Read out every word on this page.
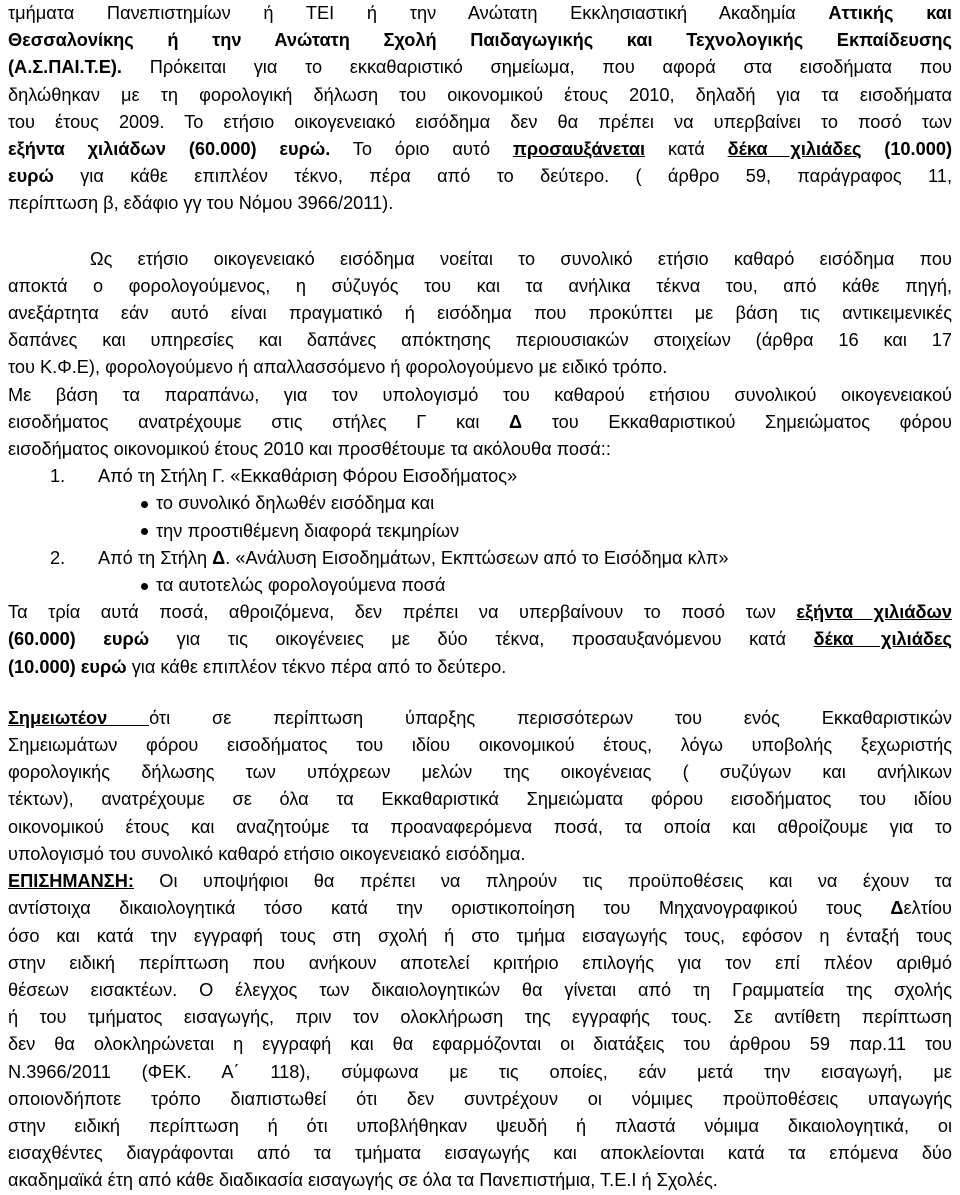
τμήματα Πανεπιστημίων ή ΤΕΙ ή την Ανώτατη Εκκλησιαστική Ακαδημία Αττικής και
Θεσσαλονίκης ή την Ανώτατη Σχολή Παιδαγωγικής και Τεχνολογικής Εκπαίδευσης
(Α.Σ.ΠΑΙ.Τ.Ε). Πρόκειται για το εκκαθαριστικό σημείωμα, που αφορά στα εισοδήματα που
δηλώθηκαν με τη φορολογική δήλωση του οικονομικού έτους 2010, δηλαδή για τα εισοδήματα
του έτους 2009. Το ετήσιο οικογενειακό εισόδημα δεν θα πρέπει να υπερβαίνει το ποσό των
εξήντα χιλιάδων (60.000) ευρώ. Το όριο αυτό προσαυξάνεται κατά δέκα χιλιάδες (10.000)
ευρώ για κάθε επιπλέον τέκνο, πέρα από το δεύτερο. ( άρθρο 59, παράγραφος 11,
περίπτωση β, εδάφιο γγ του Νόμου 3966/2011).
Ως ετήσιο οικογενειακό εισόδημα νοείται το συνολικό ετήσιο καθαρό εισόδημα που
αποκτά ο φορολογούμενος, η σύζυγός του και τα ανήλικα τέκνα του, από κάθε πηγή,
ανεξάρτητα εάν αυτό είναι πραγματικό ή εισόδημα που προκύπτει με βάση τις αντικειμενικές
δαπάνες και υπηρεσίες και δαπάνες απόκτησης περιουσιακών στοιχείων (άρθρα 16 και 17
του Κ.Φ.Ε), φορολογούμενο ή απαλλασσόμενο ή φορολογούμενο με ειδικό τρόπο.
Με βάση τα παραπάνω, για τον υπολογισμό του καθαρού ετήσιου συνολικού οικογενειακού
εισοδήματος ανατρέχουμε στις στήλες Γ και Δ του Εκκαθαριστικού Σημειώματος φόρου
εισοδήματος οικονομικού έτους 2010 και προσθέτουμε τα ακόλουθα ποσά::
1.	Από τη Στήλη Γ. «Εκκαθάριση Φόρου Εισοδήματος»
το συνολικό δηλωθέν εισόδημα και
την προστιθέμενη διαφορά τεκμηρίων
2.	Από τη Στήλη Δ. «Ανάλυση Εισοδημάτων, Εκπτώσεων από το Εισόδημα κλπ»
τα αυτοτελώς φορολογούμενα ποσά
Τα τρία αυτά ποσά, αθροιζόμενα, δεν πρέπει να υπερβαίνουν το ποσό των εξήντα χιλιάδων
(60.000) ευρώ για τις οικογένειες με δύο τέκνα, προσαυξανόμενου κατά δέκα χιλιάδες
(10.000) ευρώ για κάθε επιπλέον τέκνο πέρα από το δεύτερο.
Σημειωτέον ότι σε περίπτωση ύπαρξης περισσότερων του ενός Εκκαθαριστικών
Σημειωμάτων φόρου εισοδήματος του ιδίου οικονομικού έτους, λόγω υποβολής ξεχωριστής
φορολογικής δήλωσης των υπόχρεων μελών της οικογένειας ( συζύγων και ανήλικων
τέκτων), ανατρέχουμε σε όλα τα Εκκαθαριστικά Σημειώματα φόρου εισοδήματος του ιδίου
οικονομικού έτους και αναζητούμε τα προαναφερόμενα ποσά, τα οποία και αθροίζουμε για το
υπολογισμό του συνολικό καθαρό ετήσιο οικογενειακό εισόδημα.
ΕΠΙΣΗΜΑΝΣΗ: Οι υποψήφιοι θα πρέπει να πληρούν τις προϋποθέσεις και να έχουν τα
αντίστοιχα δικαιολογητικά τόσο κατά την οριστικοποίηση του Μηχανογραφικού τους Δελτίου
όσο και κατά την εγγραφή τους στη σχολή ή στο τμήμα εισαγωγής τους, εφόσον η ένταξή τους
στην ειδική περίπτωση που ανήκουν αποτελεί κριτήριο επιλογής για τον επί πλέον αριθμό
θέσεων εισακτέων. Ο έλεγχος των δικαιολογητικών θα γίνεται από τη Γραμματεία της σχολής
ή του τμήματος εισαγωγής, πριν τον ολοκλήρωση της εγγραφής τους. Σε αντίθετη περίπτωση
δεν θα ολοκληρώνεται η εγγραφή και θα εφαρμόζονται οι διατάξεις του άρθρου 59 παρ.11 του
Ν.3966/2011 (ΦΕΚ. Α΄ 118), σύμφωνα με τις οποίες, εάν μετά την εισαγωγή, με
οποιονδήποτε τρόπο διαπιστωθεί ότι δεν συντρέχουν οι νόμιμες προϋποθέσεις υπαγωγής
στην ειδική περίπτωση ή ότι υποβλήθηκαν ψευδή ή πλαστά νόμιμα δικαιολογητικά, οι
εισαχθέντες διαγράφονται από τα τμήματα εισαγωγής και αποκλείονται κατά τα επόμενα δύο
ακαδημαϊκά έτη από κάθε διαδικασία εισαγωγής σε όλα τα Πανεπιστήμια, Τ.Ε.Ι ή Σχολές.
